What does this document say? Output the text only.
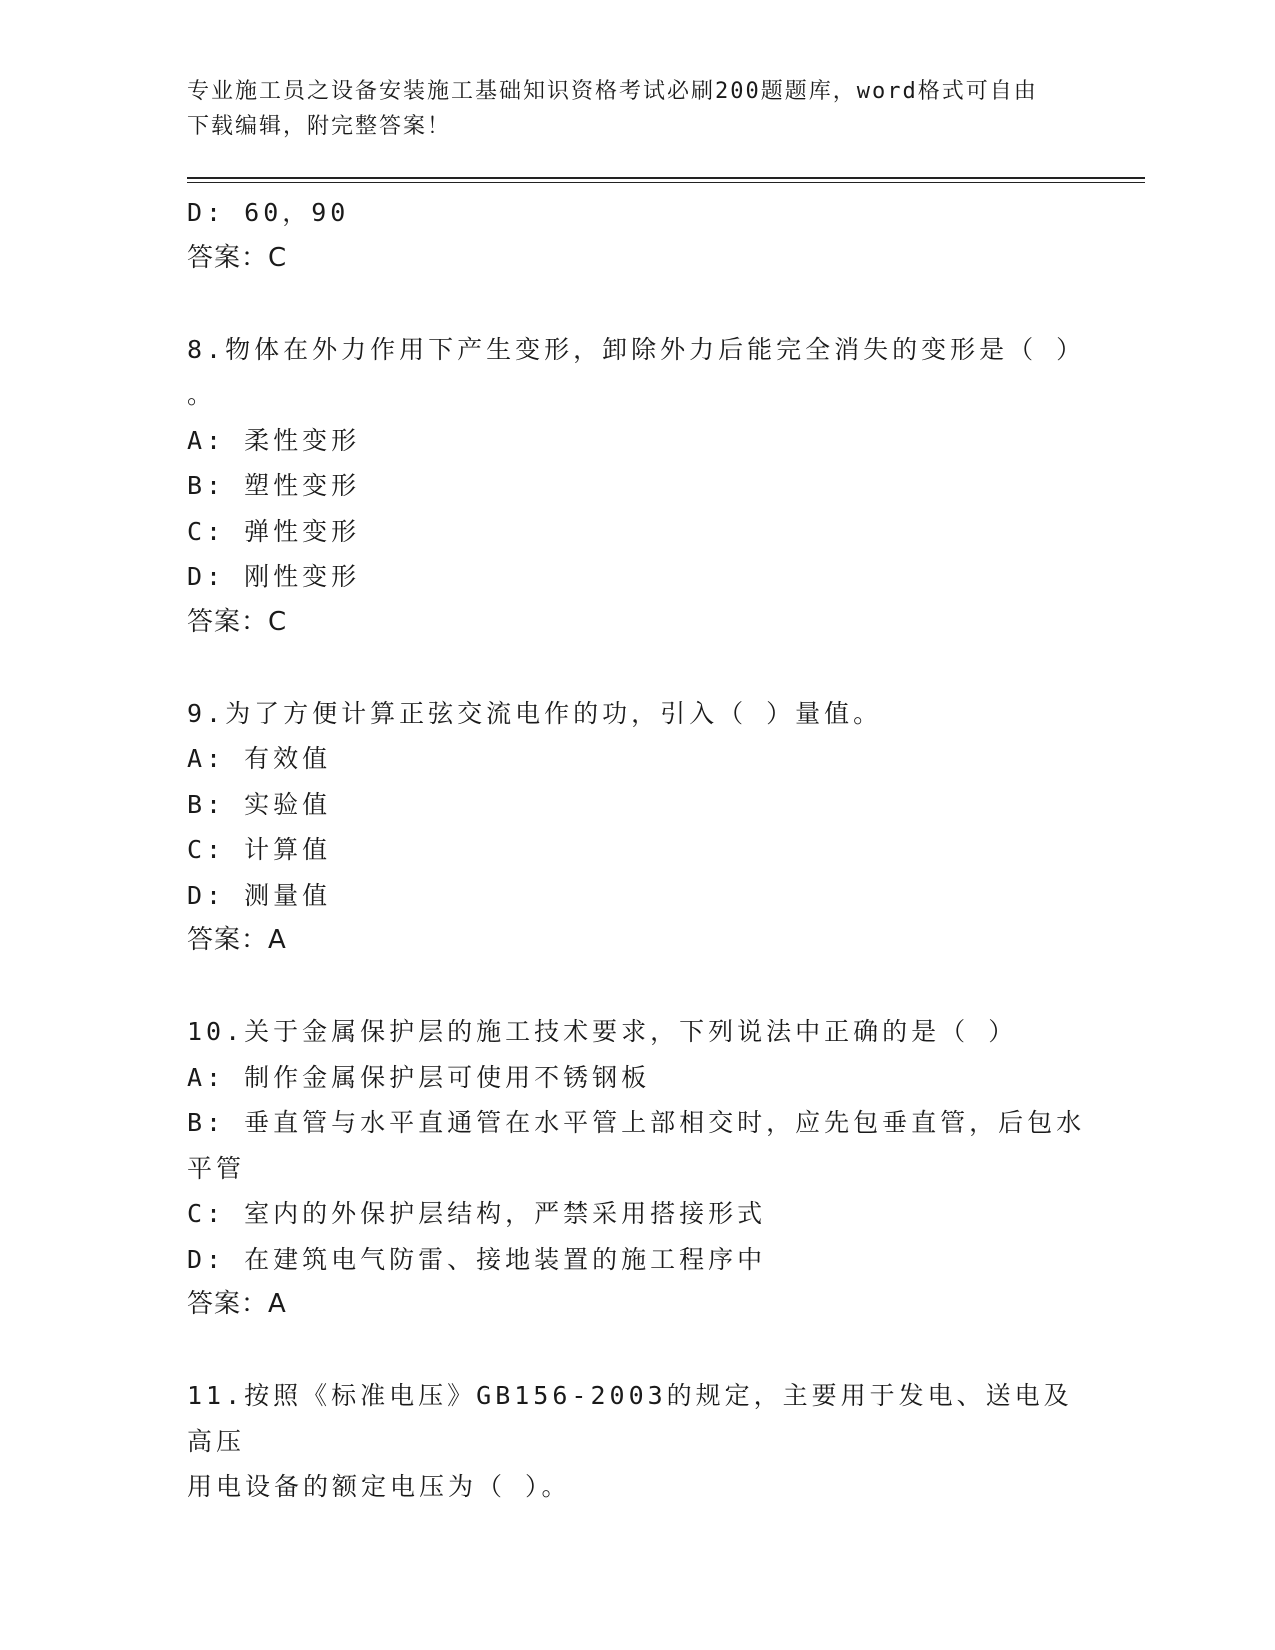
专业施工员之设备安装施工基础知识资格考试必刷200题题库，word格式可自由
下载编辑，附完整答案！
D: 60，90
答案：C
8.物体在外力作用下产生变形，卸除外力后能完全消失的变形是（ ）
。
A: 柔性变形
B: 塑性变形
C: 弹性变形
D: 刚性变形
答案：C
9.为了方便计算正弦交流电作的功，引入（ ）量值。
A: 有效值
B: 实验值
C: 计算值
D: 测量值
答案：A
10.关于金属保护层的施工技术要求，下列说法中正确的是（ ）
A: 制作金属保护层可使用不锈钢板
B: 垂直管与水平直通管在水平管上部相交时，应先包垂直管，后包水
平管
C: 室内的外保护层结构，严禁采用搭接形式
D: 在建筑电气防雷、接地装置的施工程序中
答案：A
11.按照《标准电压》GB156-2003的规定，主要用于发电、送电及高压
用电设备的额定电压为（ ）。
